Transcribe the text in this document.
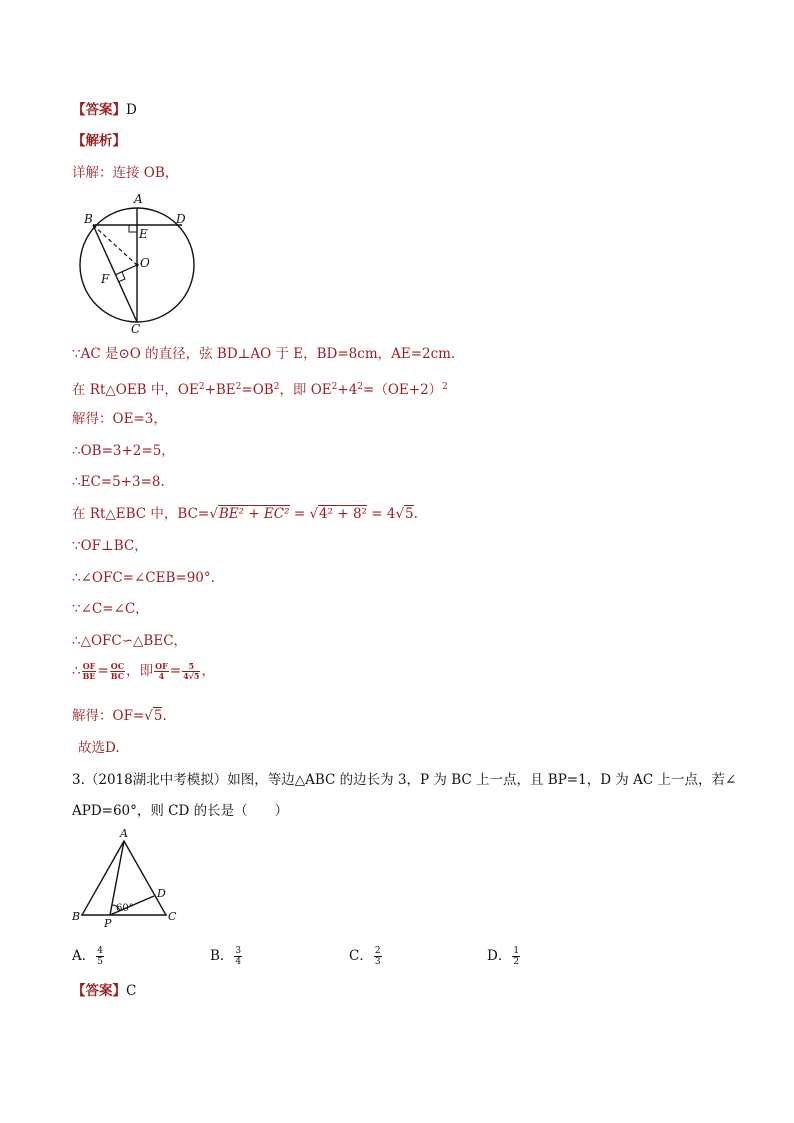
【答案】D
【解析】
详解：连接 OB，
A
B	D
E
O
F
C
∵AC 是⊙O 的直径，弦 BD⊥AO 于 E，BD=8cm，AE=2cm.
在 Rt△OEB 中，$OE^2+BE^2=OB^2$，即 $OE^2+4^2=(OE+2)^2$
解得：OE=3，
∴OB=3+2=5，
∴EC=5+3=8.
在 Rt△EBC 中，BC=√BE² + EC² = √4² + 8² = 4√5.
∵OF⊥BC，
∴∠OFC=∠CEB=90°.
∵∠C=∠C，
∴△OFC∽△BEC，
∴ $\frac{OF}{BE} = \frac{OC}{BC}$ ，即 $\frac{OF}{4} = \frac{5}{4√5}$ ，
解得：OF=√5.
故选D.
3.（2018湖北中考模拟）如图，等边△ABC 的边长为 3，P 为 BC 上一点，且 BP=1，D 为 AC 上一点，若∠
APD=60°，则 CD 的长是（　　）
60°
A
B	C
D
P
A． $\frac{4}{5}$	B． $\frac{3}{4}$	C． $\frac{2}{3}$	D． $\frac{1}{2}$
【答案】C
